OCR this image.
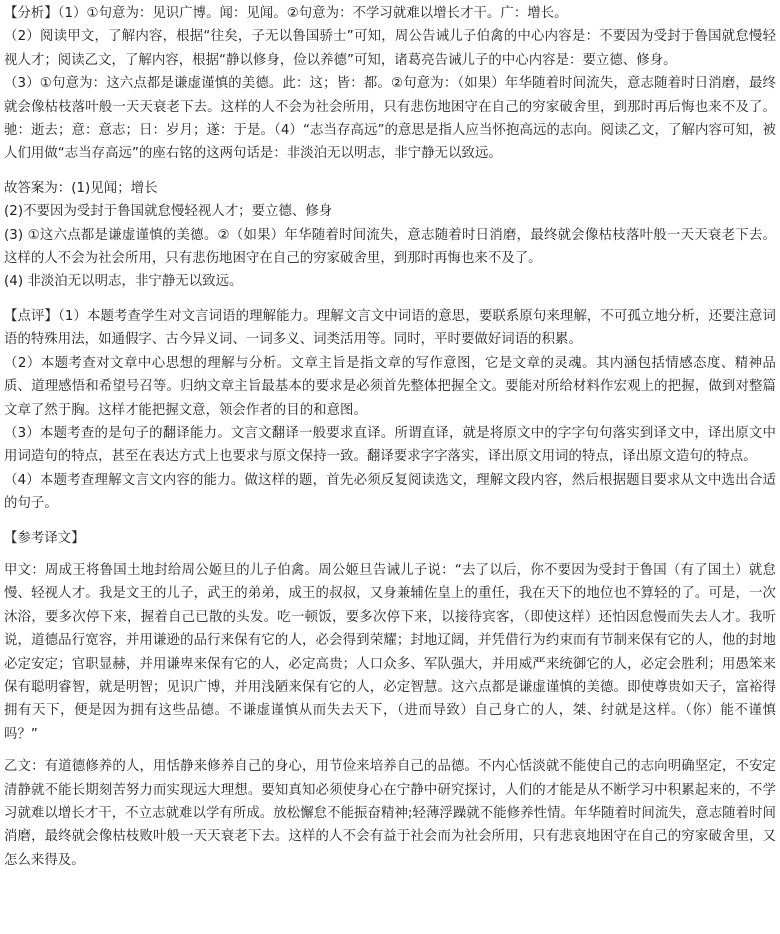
【分析】（1）①句意为：见识广博。闻：见闻。②句意为：不学习就难以增长才干。广：增长。

（2）阅读甲文，了解内容，根据“往矣，子无以鲁国骄士”可知，周公告诫儿子伯禽的中心内容是：不要因为受封于鲁国就怠慢轻视人才；阅读乙文，了解内容，根据“静以修身，俭以养德”可知，诸葛亮告诫儿子的中心内容是：要立德、修身。

（3）①句意为：这六点都是谦虚谨慎的美德。此：这；皆：都。②句意为：（如果）年华随着时间流失，意志随着时日消磨，最终就会像枯枝落叶般一天天衰老下去。这样的人不会为社会所用，只有悲伤地困守在自己的穷家破舍里，到那时再后悔也来不及了。驰：逝去；意：意志；日：岁月；遂：于是。（4）“志当存高远”的意思是指人应当怀抱高远的志向。阅读乙文，了解内容可知，被人们用做“志当存高远”的座右铭的这两句话是：非淡泊无以明志，非宁静无以致远。

故答案为：(1)见闻；增长

(2)不要因为受封于鲁国就怠慢轻视人才；要立德、修身

(3) ①这六点都是谦虚谨慎的美德。②（如果）年华随着时间流失，意志随着时日消磨，最终就会像枯枝落叶般一天天衰老下去。这样的人不会为社会所用，只有悲伤地困守在自己的穷家破舍里，到那时再悔也来不及了。

(4) 非淡泊无以明志，非宁静无以致远。

【点评】（1）本题考查学生对文言词语的理解能力。理解文言文中词语的意思，要联系原句来理解，不可孤立地分析，还要注意词语的特殊用法，如通假字、古今异义词、一词多义、词类活用等。同时，平时要做好词语的积累。

（2）本题考查对文章中心思想的理解与分析。文章主旨是指文章的写作意图，它是文章的灵魂。其内涵包括情感态度、精神品质、道理感悟和希望号召等。归纳文章主旨最基本的要求是必须首先整体把握全文。要能对所给材料作宏观上的把握，做到对整篇文章了然于胸。这样才能把握文意，领会作者的目的和意图。

（3）本题考查的是句子的翻译能力。文言文翻译一般要求直译。所谓直译，就是将原文中的字字句句落实到译文中，译出原文中用词造句的特点，甚至在表达方式上也要求与原文保持一致。翻译要求字字落实，译出原文用词的特点，译出原文造句的特点。

（4）本题考查理解文言文内容的能力。做这样的题，首先必须反复阅读选文，理解文段内容，然后根据题目要求从文中选出合适的句子。

【参考译文】

甲文：周成王将鲁国土地封给周公姬旦的儿子伯禽。周公姬旦告诫儿子说：“去了以后，你不要因为受封于鲁国（有了国土）就怠慢、轻视人才。我是文王的儿子，武王的弟弟，成王的叔叔，又身兼辅佐皇上的重任，我在天下的地位也不算轻的了。可是，一次沐浴，要多次停下来，握着自己已散的头发。吃一顿饭，要多次停下来，以接待宾客，（即使这样）还怕因怠慢而失去人才。我听说，道德品行宽容，并用谦逊的品行来保有它的人，必会得到荣耀；封地辽阔，并凭借行为约束而有节制来保有它的人，他的封地必定安定；官职显赫，并用谦卑来保有它的人，必定高贵；人口众多、军队强大，并用威严来统御它的人，必定会胜利；用愚笨来保有聪明睿智，就是明智；见识广博，并用浅陋来保有它的人，必定智慧。这六点都是谦虚谨慎的美德。即使尊贵如天子，富裕得拥有天下，便是因为拥有这些品德。不谦虚谨慎从而失去天下，（进而导致）自己身亡的人，桀、纣就是这样。（你）能不谨慎吗？”

乙文：有道德修养的人，用恬静来修养自己的身心，用节俭来培养自己的品德。不内心恬淡就不能使自己的志向明确坚定，不安定清静就不能长期刻苦努力而实现远大理想。要知真知必须使身心在宁静中研究探讨，人们的才能是从不断学习中积累起来的，不学习就难以增长才干，不立志就难以学有所成。放松懈怠不能振奋精神;轻薄浮躁就不能修养性情。年华随着时间流失，意志随着时间消磨，最终就会像枯枝败叶般一天天衰老下去。这样的人不会有益于社会而为社会所用，只有悲哀地困守在自己的穷家破舍里，又怎么来得及。
